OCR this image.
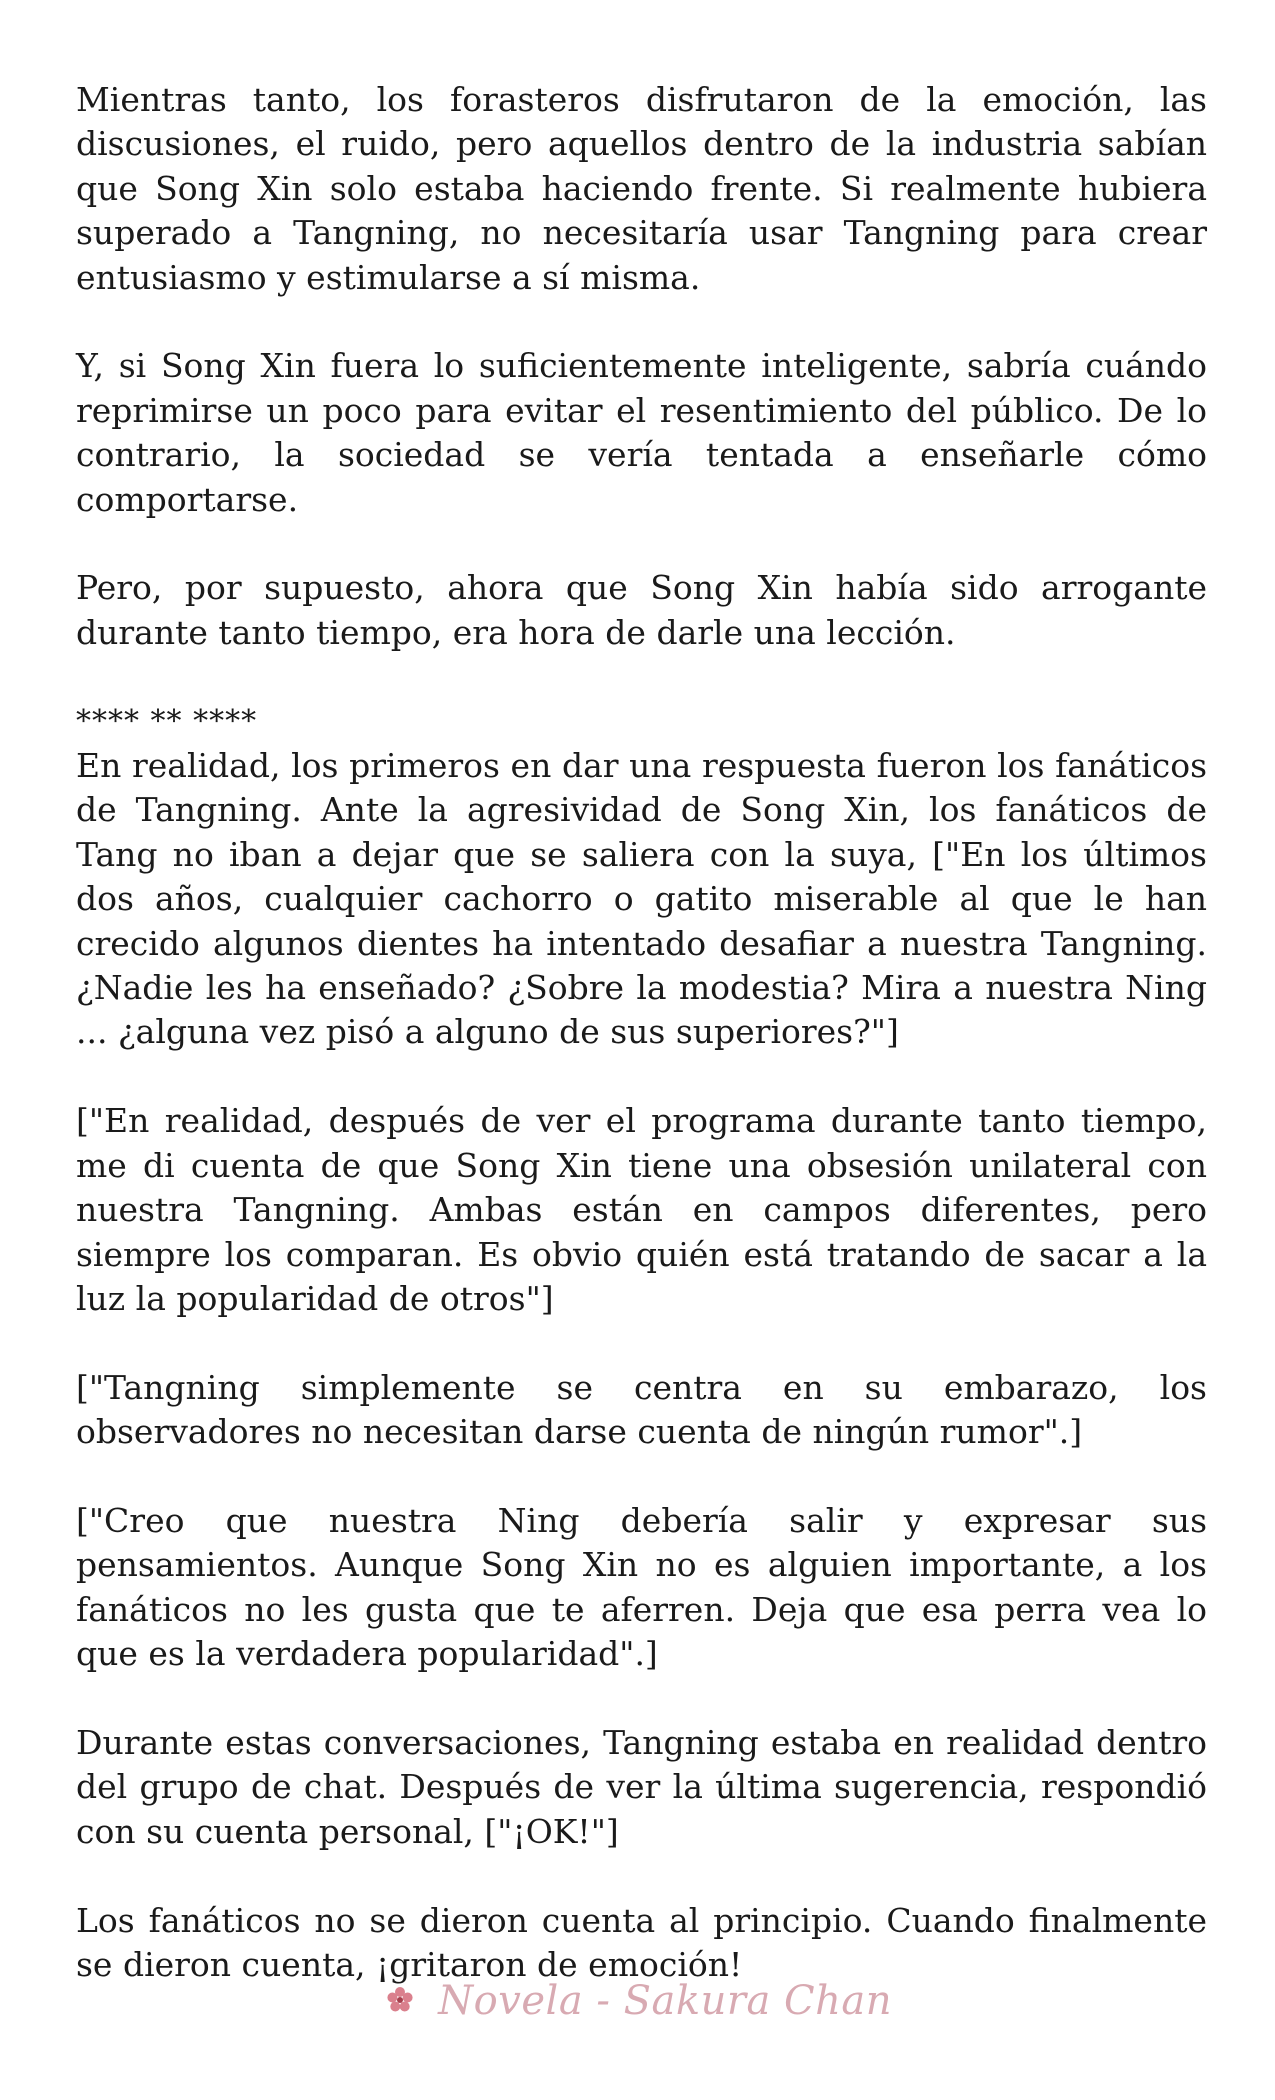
Mientras tanto, los forasteros disfrutaron de la emoción, las discusiones, el ruido, pero aquellos dentro de la industria sabían que Song Xin solo estaba haciendo frente. Si realmente hubiera superado a Tangning, no necesitaría usar Tangning para crear entusiasmo y estimularse a sí misma.

Y, si Song Xin fuera lo suficientemente inteligente, sabría cuándo reprimirse un poco para evitar el resentimiento del público. De lo contrario, la sociedad se vería tentada a enseñarle cómo comportarse.

Pero, por supuesto, ahora que Song Xin había sido arrogante durante tanto tiempo, era hora de darle una lección.

**** ** ****

En realidad, los primeros en dar una respuesta fueron los fanáticos de Tangning. Ante la agresividad de Song Xin, los fanáticos de Tang no iban a dejar que se saliera con la suya, ["En los últimos dos años, cualquier cachorro o gatito miserable al que le han crecido algunos dientes ha intentado desafiar a nuestra Tangning. ¿Nadie les ha enseñado? ¿Sobre la modestia? Mira a nuestra Ning ... ¿alguna vez pisó a alguno de sus superiores?"]

["En realidad, después de ver el programa durante tanto tiempo, me di cuenta de que Song Xin tiene una obsesión unilateral con nuestra Tangning. Ambas están en campos diferentes, pero siempre los comparan. Es obvio quién está tratando de sacar a la luz la popularidad de otros"]

["Tangning simplemente se centra en su embarazo, los observadores no necesitan darse cuenta de ningún rumor".]

["Creo que nuestra Ning debería salir y expresar sus pensamientos. Aunque Song Xin no es alguien importante, a los fanáticos no les gusta que te aferren. Deja que esa perra vea lo que es la verdadera popularidad".]

Durante estas conversaciones, Tangning estaba en realidad dentro del grupo de chat. Después de ver la última sugerencia, respondió con su cuenta personal, ["¡OK!"]

Los fanáticos no se dieron cuenta al principio. Cuando finalmente se dieron cuenta, ¡gritaron de emoción!

Novela - Sakura Chan
